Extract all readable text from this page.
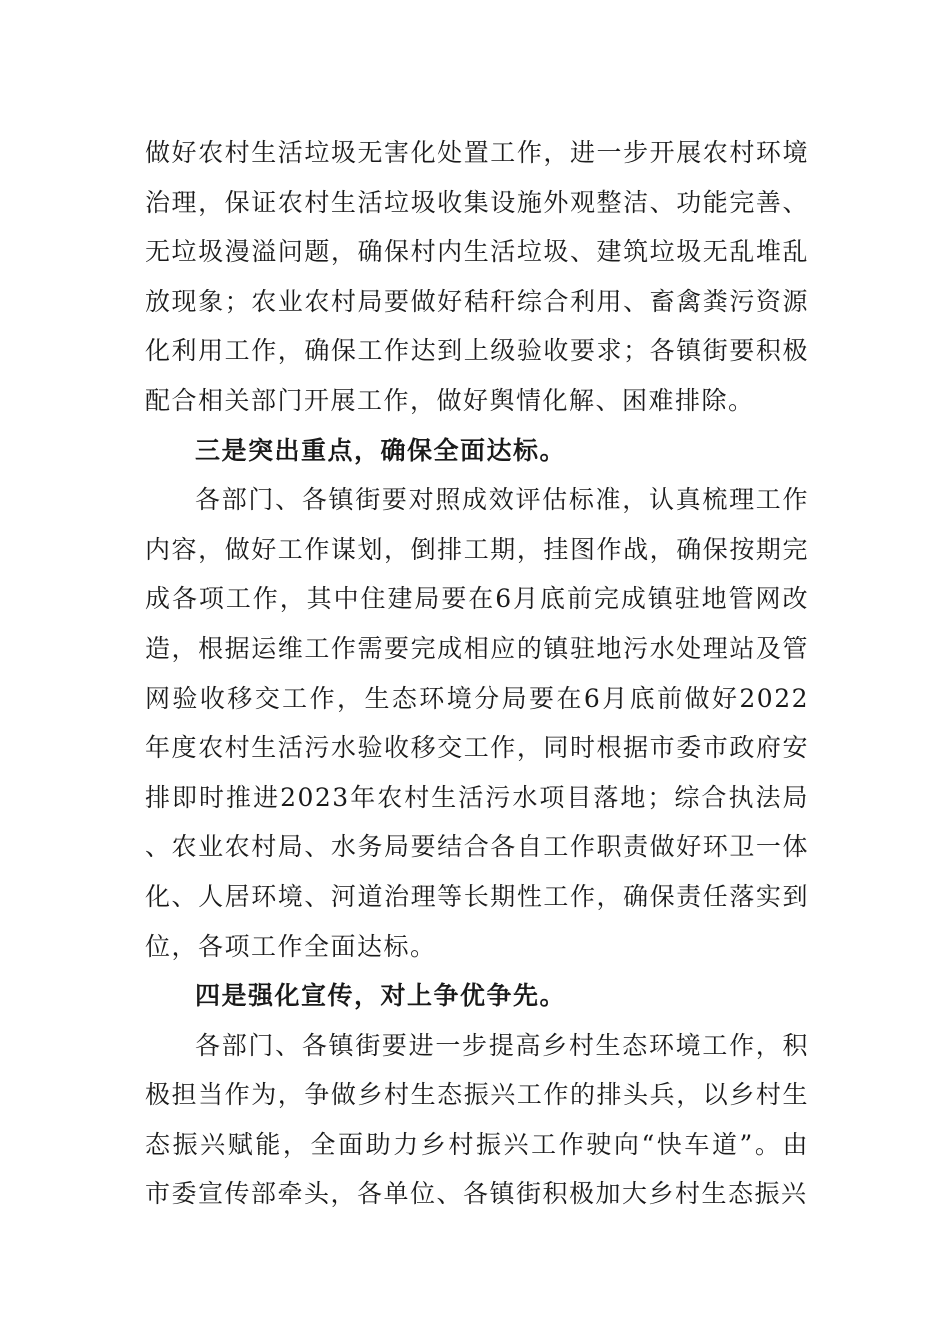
做好农村生活垃圾无害化处置工作，进一步开展农村环境治理，保证农村生活垃圾收集设施外观整洁、功能完善、无垃圾漫溢问题，确保村内生活垃圾、建筑垃圾无乱堆乱放现象；农业农村局要做好秸秆综合利用、畜禽粪污资源化利用工作，确保工作达到上级验收要求；各镇街要积极配合相关部门开展工作，做好舆情化解、困难排除。

三是突出重点，确保全面达标。

各部门、各镇街要对照成效评估标准，认真梳理工作内容，做好工作谋划，倒排工期，挂图作战，确保按期完成各项工作，其中住建局要在6月底前完成镇驻地管网改造，根据运维工作需要完成相应的镇驻地污水处理站及管网验收移交工作，生态环境分局要在6月底前做好2022年度农村生活污水验收移交工作，同时根据市委市政府安排即时推进2023年农村生活污水项目落地；综合执法局、农业农村局、水务局要结合各自工作职责做好环卫一体化、人居环境、河道治理等长期性工作，确保责任落实到位，各项工作全面达标。

四是强化宣传，对上争优争先。

各部门、各镇街要进一步提高乡村生态环境工作，积极担当作为，争做乡村生态振兴工作的排头兵，以乡村生态振兴赋能，全面助力乡村振兴工作驶向“快车道”。由市委宣传部牵头，各单位、各镇街积极加大乡村生态振兴
